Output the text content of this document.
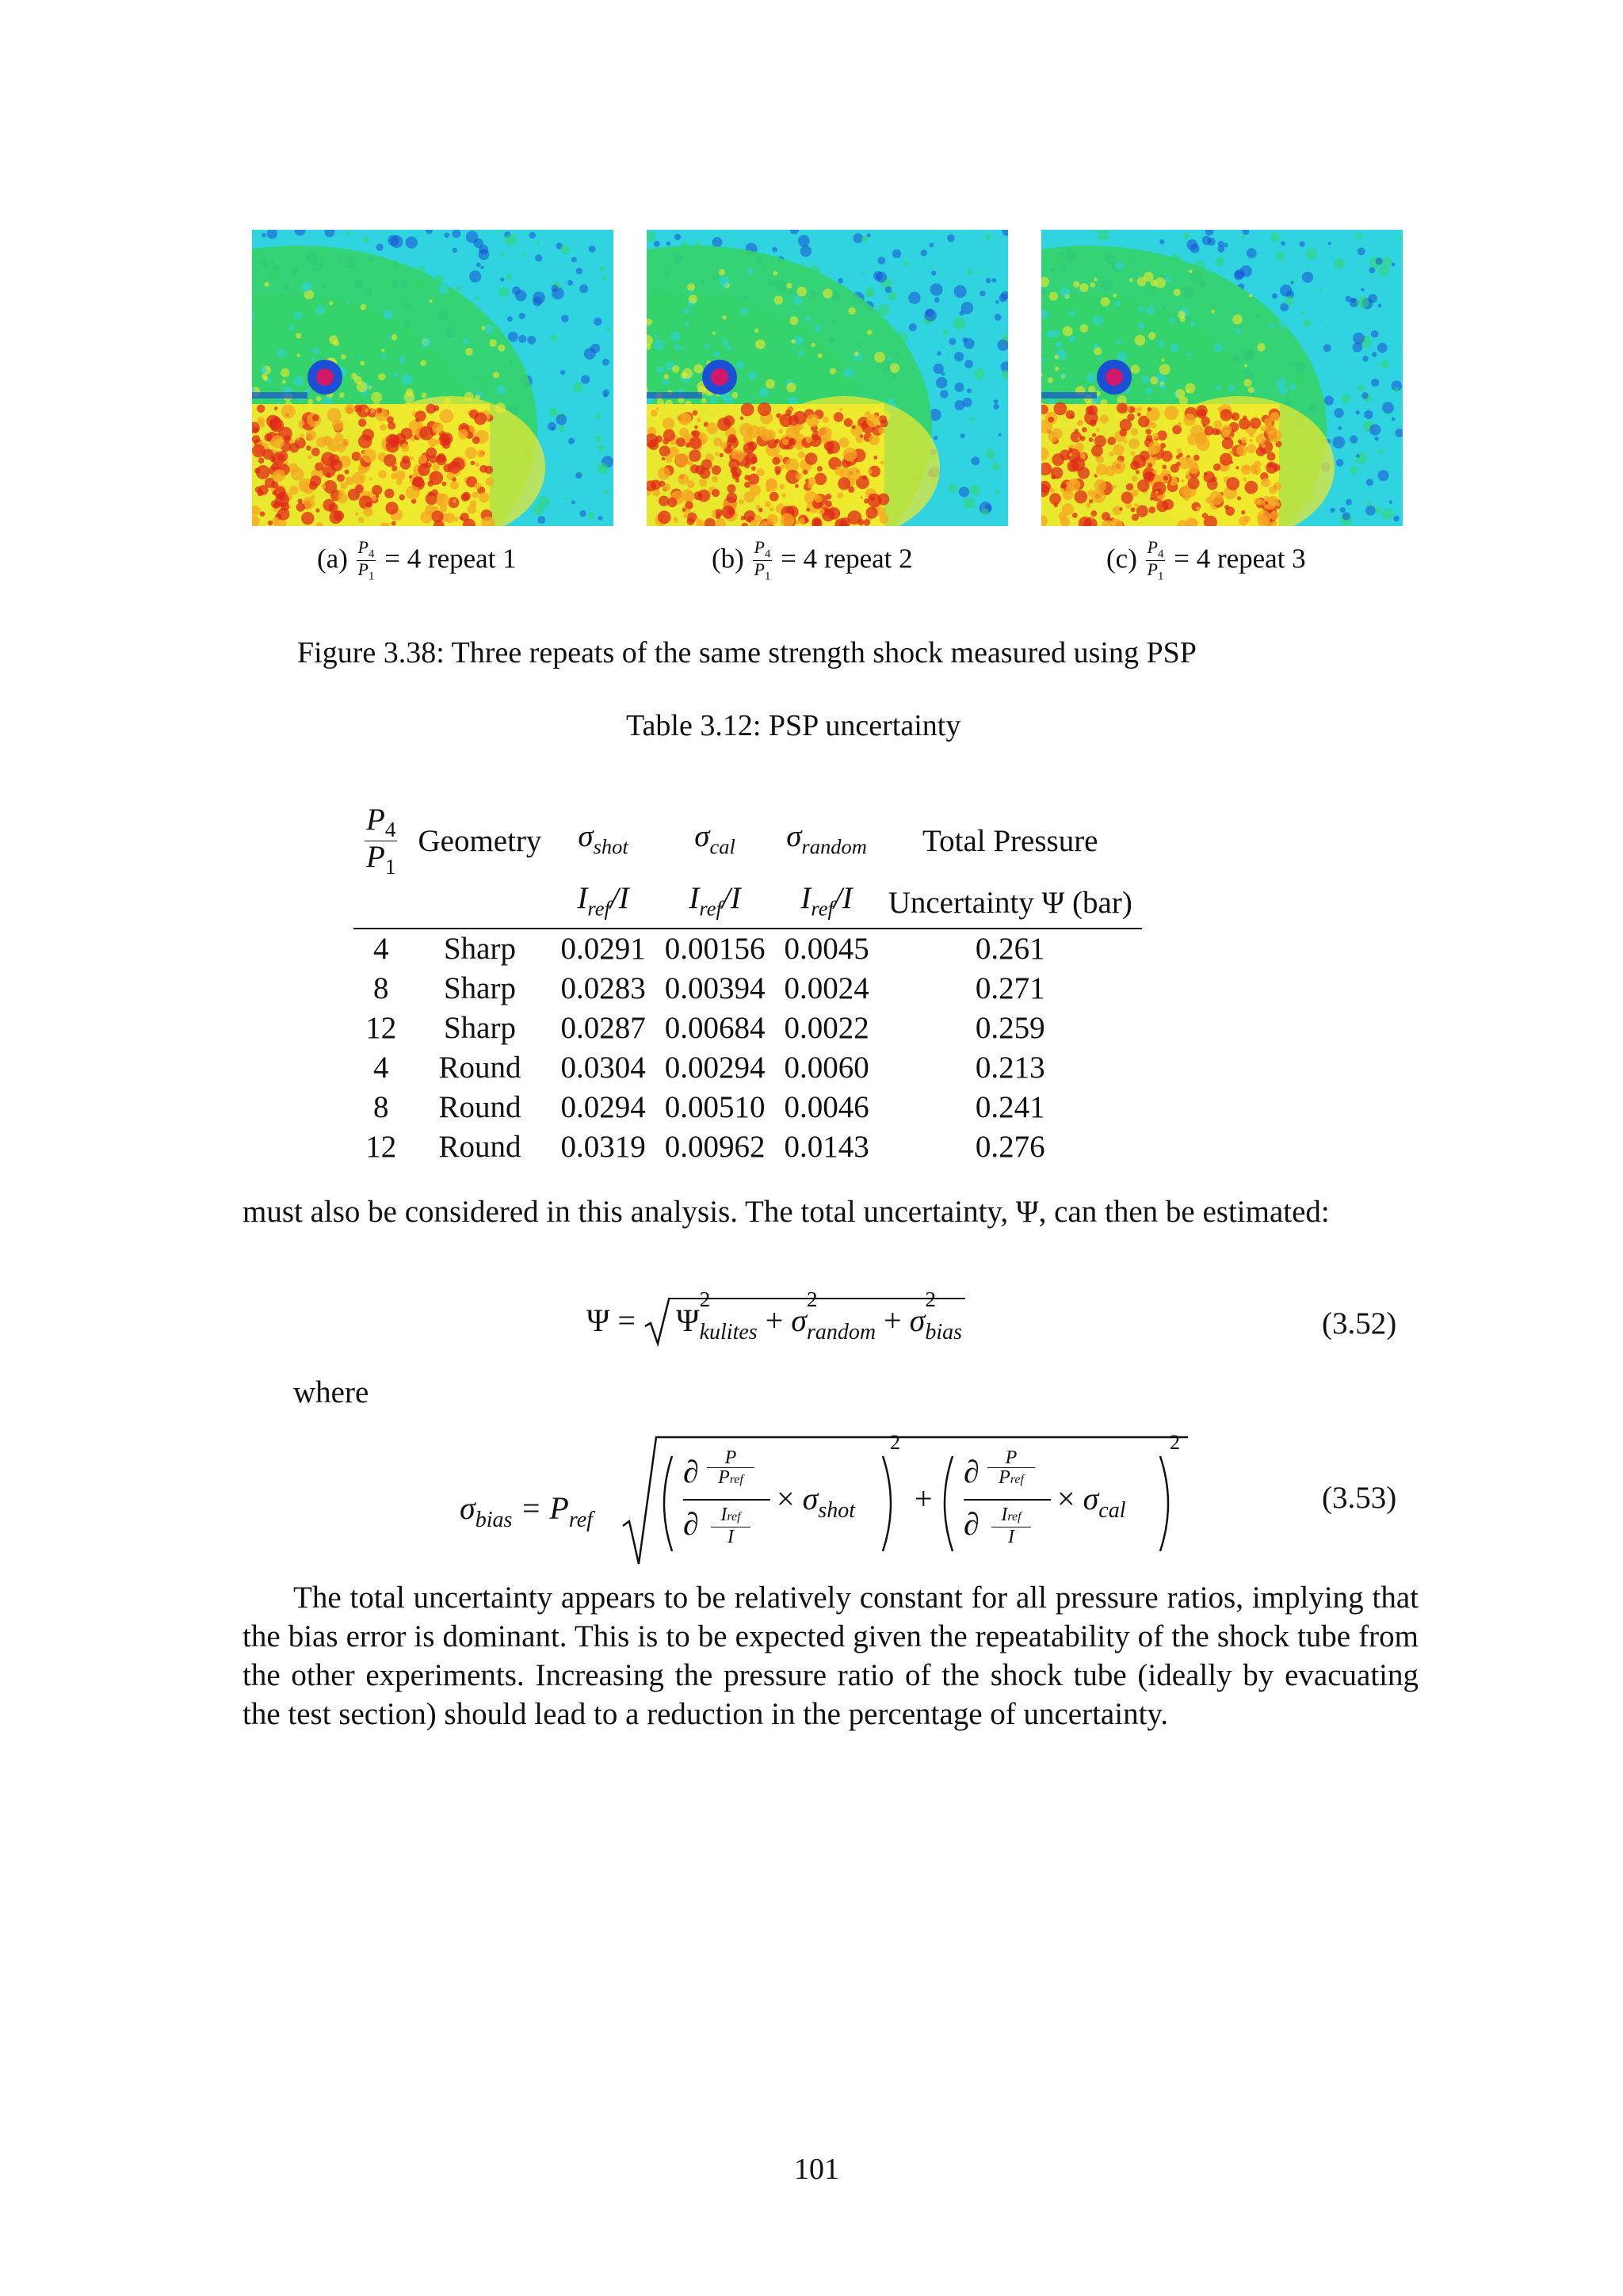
$(a) \frac{P_4}{P_1} = 4$ repeat 1	$(b) \frac{P_4}{P_1} = 4$ repeat 2	$(c) \frac{P_4}{P_1} = 4$ repeat 3
Figure 3.38: Three repeats of the same strength shock measured using PSP
Table 3.12: PSP uncertainty
$\frac{P_4}{P_1}$	Geometry	$\sigma_{shot}$	$\sigma_{cal}$	$\sigma_{random}$	Total Pressure
		$I_{ref}/I$	$I_{ref}/I$	$I_{ref}/I$	Uncertainty Ψ (bar)
4	Sharp	0.0291	0.00156	0.0045	0.261
8	Sharp	0.0283	0.00394	0.0024	0.271
12	Sharp	0.0287	0.00684	0.0022	0.259
4	Round	0.0304	0.00294	0.0060	0.213
8	Round	0.0294	0.00510	0.0046	0.241
12	Round	0.0319	0.00962	0.0143	0.276
must also be considered in this analysis. The total uncertainty, Ψ, can then be estimated:
Ψ =  Ψ
2
$_{kulites}$ + σ
2
$_{random}$ + σ
2
$_{bias}$	(3.52)
where
$\sigma_{bias} = P_{ref}$
∂	P
Pref
∂	Iref
I
× $\sigma_{shot}$
2
+
∂	P
Pref
∂	Iref
I
× $\sigma_{cal}$
2
(3.53)
The total uncertainty appears to be relatively constant for all pressure ratios, implying that the bias error is dominant. This is to be expected given the repeatability of the shock tube from the other experiments. Increasing the pressure ratio of the shock tube (ideally by evacuating the test section) should lead to a reduction in the percentage of uncertainty.
101
